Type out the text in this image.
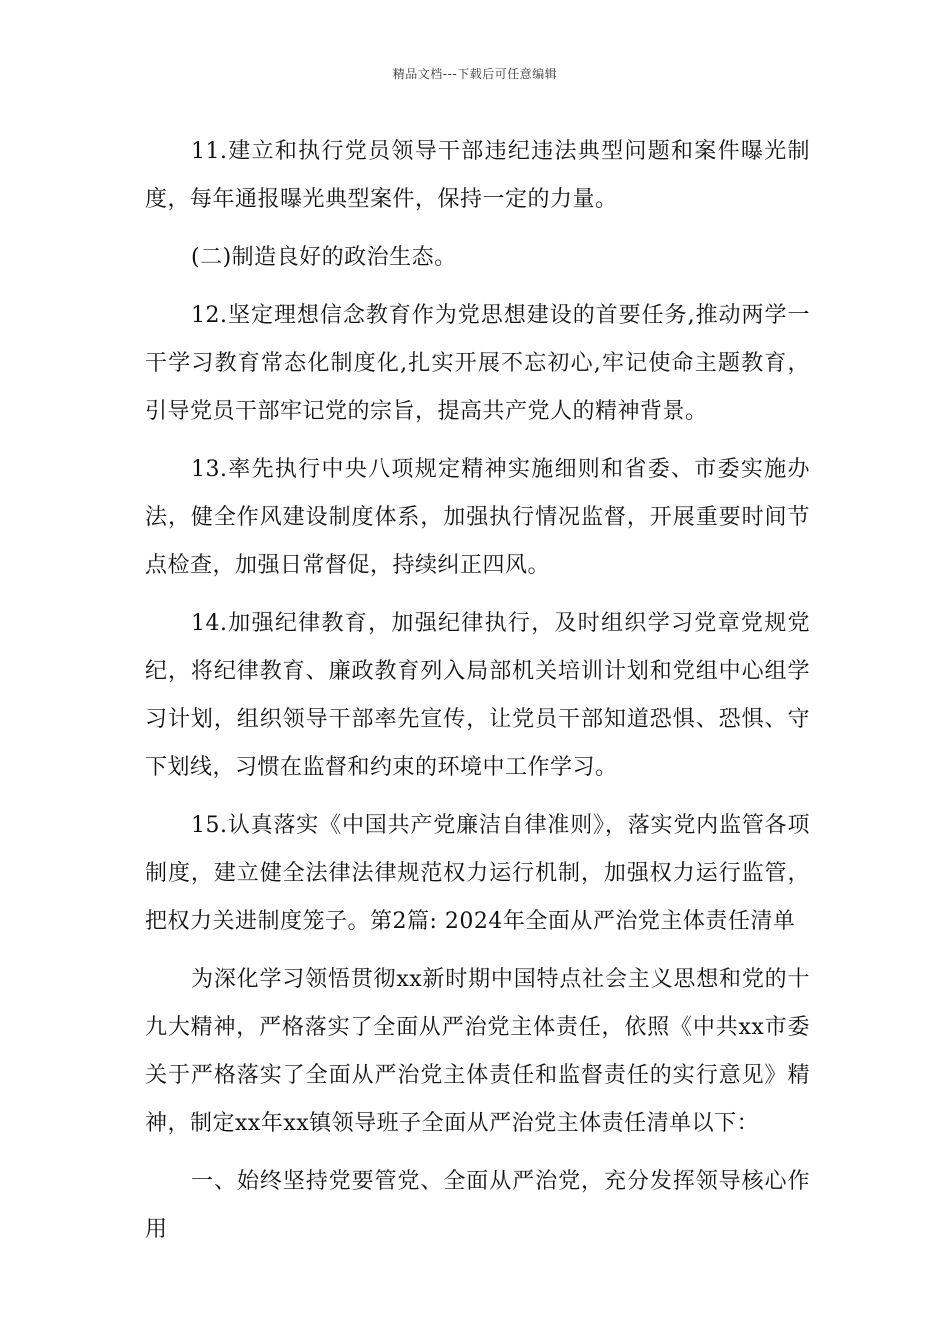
精品文档---下载后可任意编辑

11.建立和执行党员领导干部违纪违法典型问题和案件曝光制度，每年通报曝光典型案件，保持一定的力量。

(二)制造良好的政治生态。

12.坚定理想信念教育作为党思想建设的首要任务,推动两学一干学习教育常态化制度化,扎实开展不忘初心,牢记使命主题教育，引导党员干部牢记党的宗旨，提高共产党人的精神背景。

13.率先执行中央八项规定精神实施细则和省委、市委实施办法，健全作风建设制度体系，加强执行情况监督，开展重要时间节点检查，加强日常督促，持续纠正四风。

14.加强纪律教育，加强纪律执行，及时组织学习党章党规党纪，将纪律教育、廉政教育列入局部机关培训计划和党组中心组学习计划，组织领导干部率先宣传，让党员干部知道恐惧、恐惧、守下划线，习惯在监督和约束的环境中工作学习。

15.认真落实《中国共产党廉洁自律准则》，落实党内监管各项制度，建立健全法律法律规范权力运行机制，加强权力运行监管，把权力关进制度笼子。第2篇: 2024年全面从严治党主体责任清单

为深化学习领悟贯彻xx新时期中国特点社会主义思想和党的十九大精神，严格落实了全面从严治党主体责任，依照《中共xx市委关于严格落实了全面从严治党主体责任和监督责任的实行意见》精神，制定xx年xx镇领导班子全面从严治党主体责任清单以下：

一、始终坚持党要管党、全面从严治党，充分发挥领导核心作用
